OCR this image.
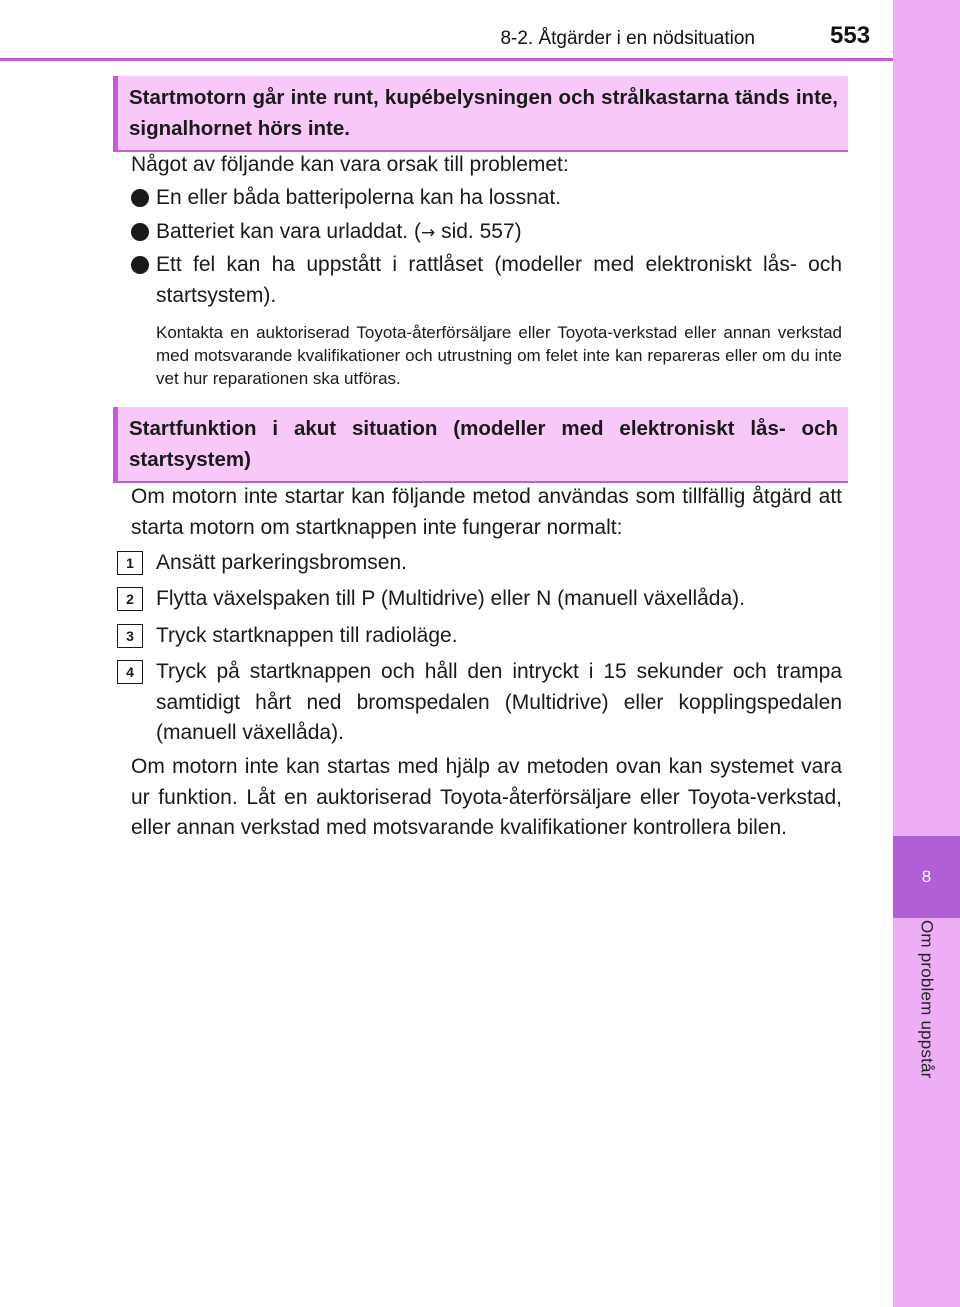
8-2. Åtgärder i en nödsituation	553
8
Om problem uppstår
Startmotorn går inte runt, kupébelysningen och strålkastarna tänds inte, signalhornet hörs inte.
Något av följande kan vara orsak till problemet:
En eller båda batteripolerna kan ha lossnat.
Batteriet kan vara urladdat. (→ sid. 557)
Ett fel kan ha uppstått i rattlåset (modeller med elektroniskt lås- och startsystem).
Kontakta en auktoriserad Toyota-återförsäljare eller Toyota-verkstad eller annan verkstad med motsvarande kvalifikationer och utrustning om felet inte kan repareras eller om du inte vet hur reparationen ska utföras.
Startfunktion i akut situation (modeller med elektroniskt lås- och startsystem)
Om motorn inte startar kan följande metod användas som tillfällig åtgärd att starta motorn om startknappen inte fungerar normalt:
1	Ansätt parkeringsbromsen.
2	Flytta växelspaken till P (Multidrive) eller N (manuell växellåda).
3	Tryck startknappen till radioläge.
4	Tryck på startknappen och håll den intryckt i 15 sekunder och trampa samtidigt hårt ned bromspedalen (Multidrive) eller kopplingspedalen (manuell växellåda).
Om motorn inte kan startas med hjälp av metoden ovan kan systemet vara ur funktion. Låt en auktoriserad Toyota-återförsäljare eller Toyota-verkstad, eller annan verkstad med motsvarande kvalifikationer kontrollera bilen.
